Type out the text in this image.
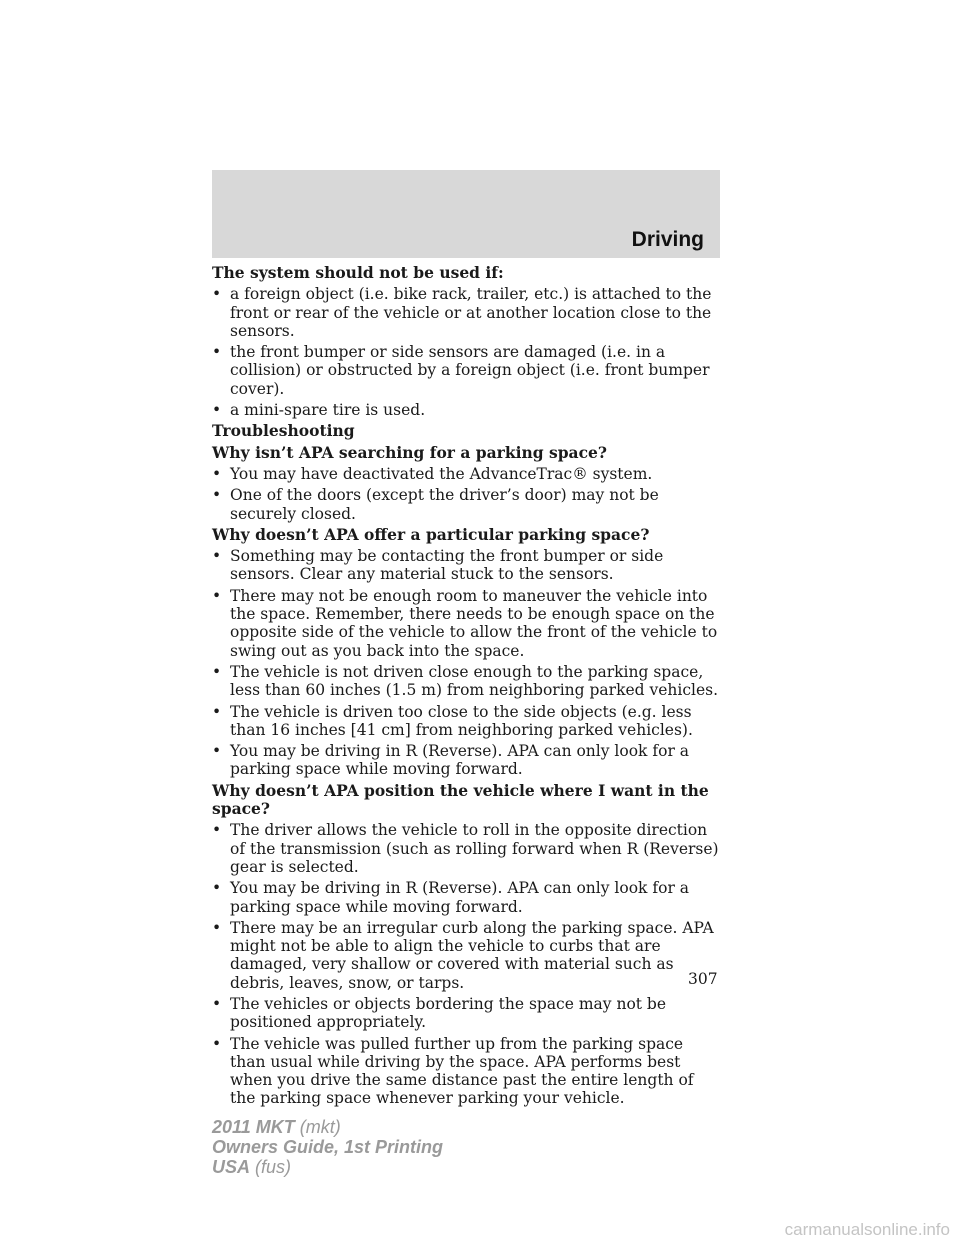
Driving
The system should not be used if:
• a foreign object (i.e. bike rack, trailer, etc.) is attached to the front or rear of the vehicle or at another location close to the sensors.
• the front bumper or side sensors are damaged (i.e. in a collision) or obstructed by a foreign object (i.e. front bumper cover).
• a mini-spare tire is used.
Troubleshooting
Why isn’t APA searching for a parking space?
• You may have deactivated the AdvanceTrac® system.
• One of the doors (except the driver’s door) may not be securely closed.
Why doesn’t APA offer a particular parking space?
• Something may be contacting the front bumper or side sensors. Clear any material stuck to the sensors.
• There may not be enough room to maneuver the vehicle into the space. Remember, there needs to be enough space on the opposite side of the vehicle to allow the front of the vehicle to swing out as you back into the space.
• The vehicle is not driven close enough to the parking space, less than 60 inches (1.5 m) from neighboring parked vehicles.
• The vehicle is driven too close to the side objects (e.g. less than 16 inches [41 cm] from neighboring parked vehicles).
• You may be driving in R (Reverse). APA can only look for a parking space while moving forward.
Why doesn’t APA position the vehicle where I want in the space?
• The driver allows the vehicle to roll in the opposite direction of the transmission (such as rolling forward when R (Reverse) gear is selected.
• You may be driving in R (Reverse). APA can only look for a parking space while moving forward.
• There may be an irregular curb along the parking space. APA might not be able to align the vehicle to curbs that are damaged, very shallow or covered with material such as debris, leaves, snow, or tarps.
• The vehicles or objects bordering the space may not be positioned appropriately.
• The vehicle was pulled further up from the parking space than usual while driving by the space. APA performs best when you drive the same distance past the entire length of the parking space whenever parking your vehicle.
307
2011 MKT (mkt)
Owners Guide, 1st Printing
USA (fus)
carmanualsonline.info
